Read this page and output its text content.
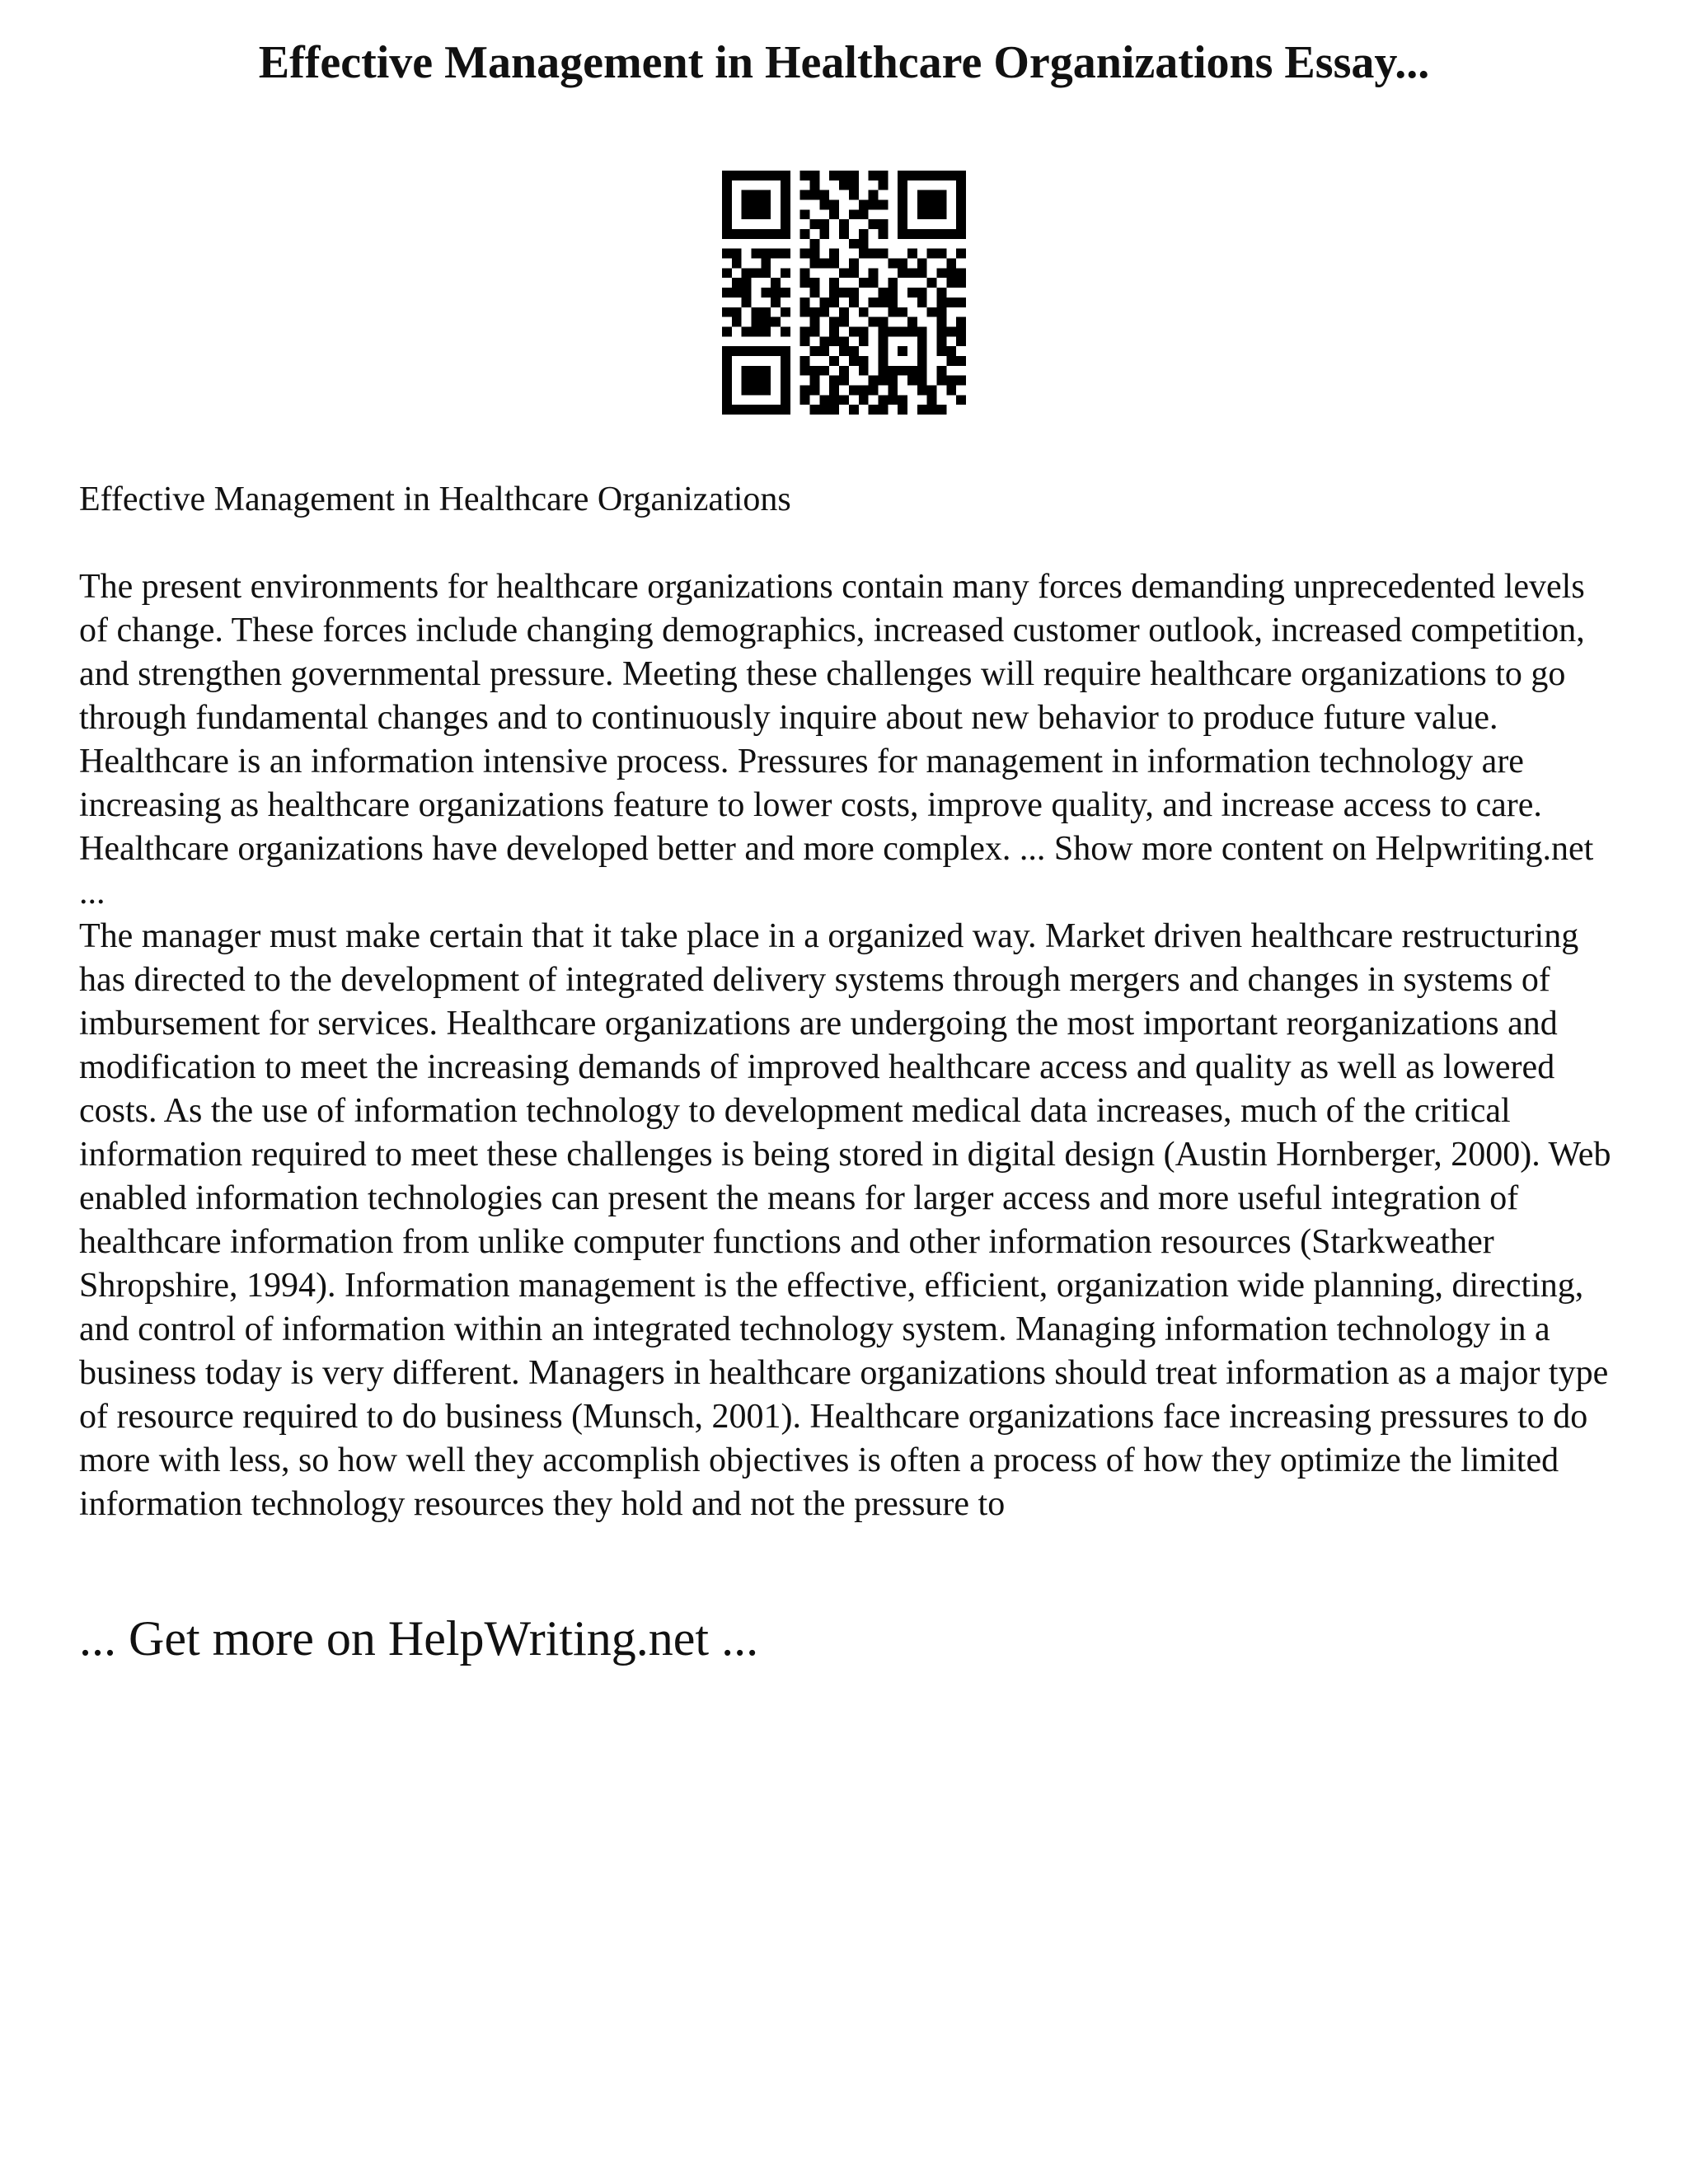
Effective Management in Healthcare Organizations Essay...

Effective Management in Healthcare Organizations

The present environments for healthcare organizations contain many forces demanding unprecedented levels of change. These forces include changing demographics, increased customer outlook, increased competition, and strengthen governmental pressure. Meeting these challenges will require healthcare organizations to go through fundamental changes and to continuously inquire about new behavior to produce future value. Healthcare is an information intensive process. Pressures for management in information technology are increasing as healthcare organizations feature to lower costs, improve quality, and increase access to care. Healthcare organizations have developed better and more complex. ... Show more content on Helpwriting.net ...

The manager must make certain that it take place in a organized way. Market driven healthcare restructuring has directed to the development of integrated delivery systems through mergers and changes in systems of imbursement for services. Healthcare organizations are undergoing the most important reorganizations and modification to meet the increasing demands of improved healthcare access and quality as well as lowered costs. As the use of information technology to development medical data increases, much of the critical information required to meet these challenges is being stored in digital design (Austin Hornberger, 2000). Web enabled information technologies can present the means for larger access and more useful integration of healthcare information from unlike computer functions and other information resources (Starkweather Shropshire, 1994). Information management is the effective, efficient, organization wide planning, directing, and control of information within an integrated technology system. Managing information technology in a business today is very different. Managers in healthcare organizations should treat information as a major type of resource required to do business (Munsch, 2001). Healthcare organizations face increasing pressures to do more with less, so how well they accomplish objectives is often a process of how they optimize the limited information technology resources they hold and not the pressure to

... Get more on HelpWriting.net ...
